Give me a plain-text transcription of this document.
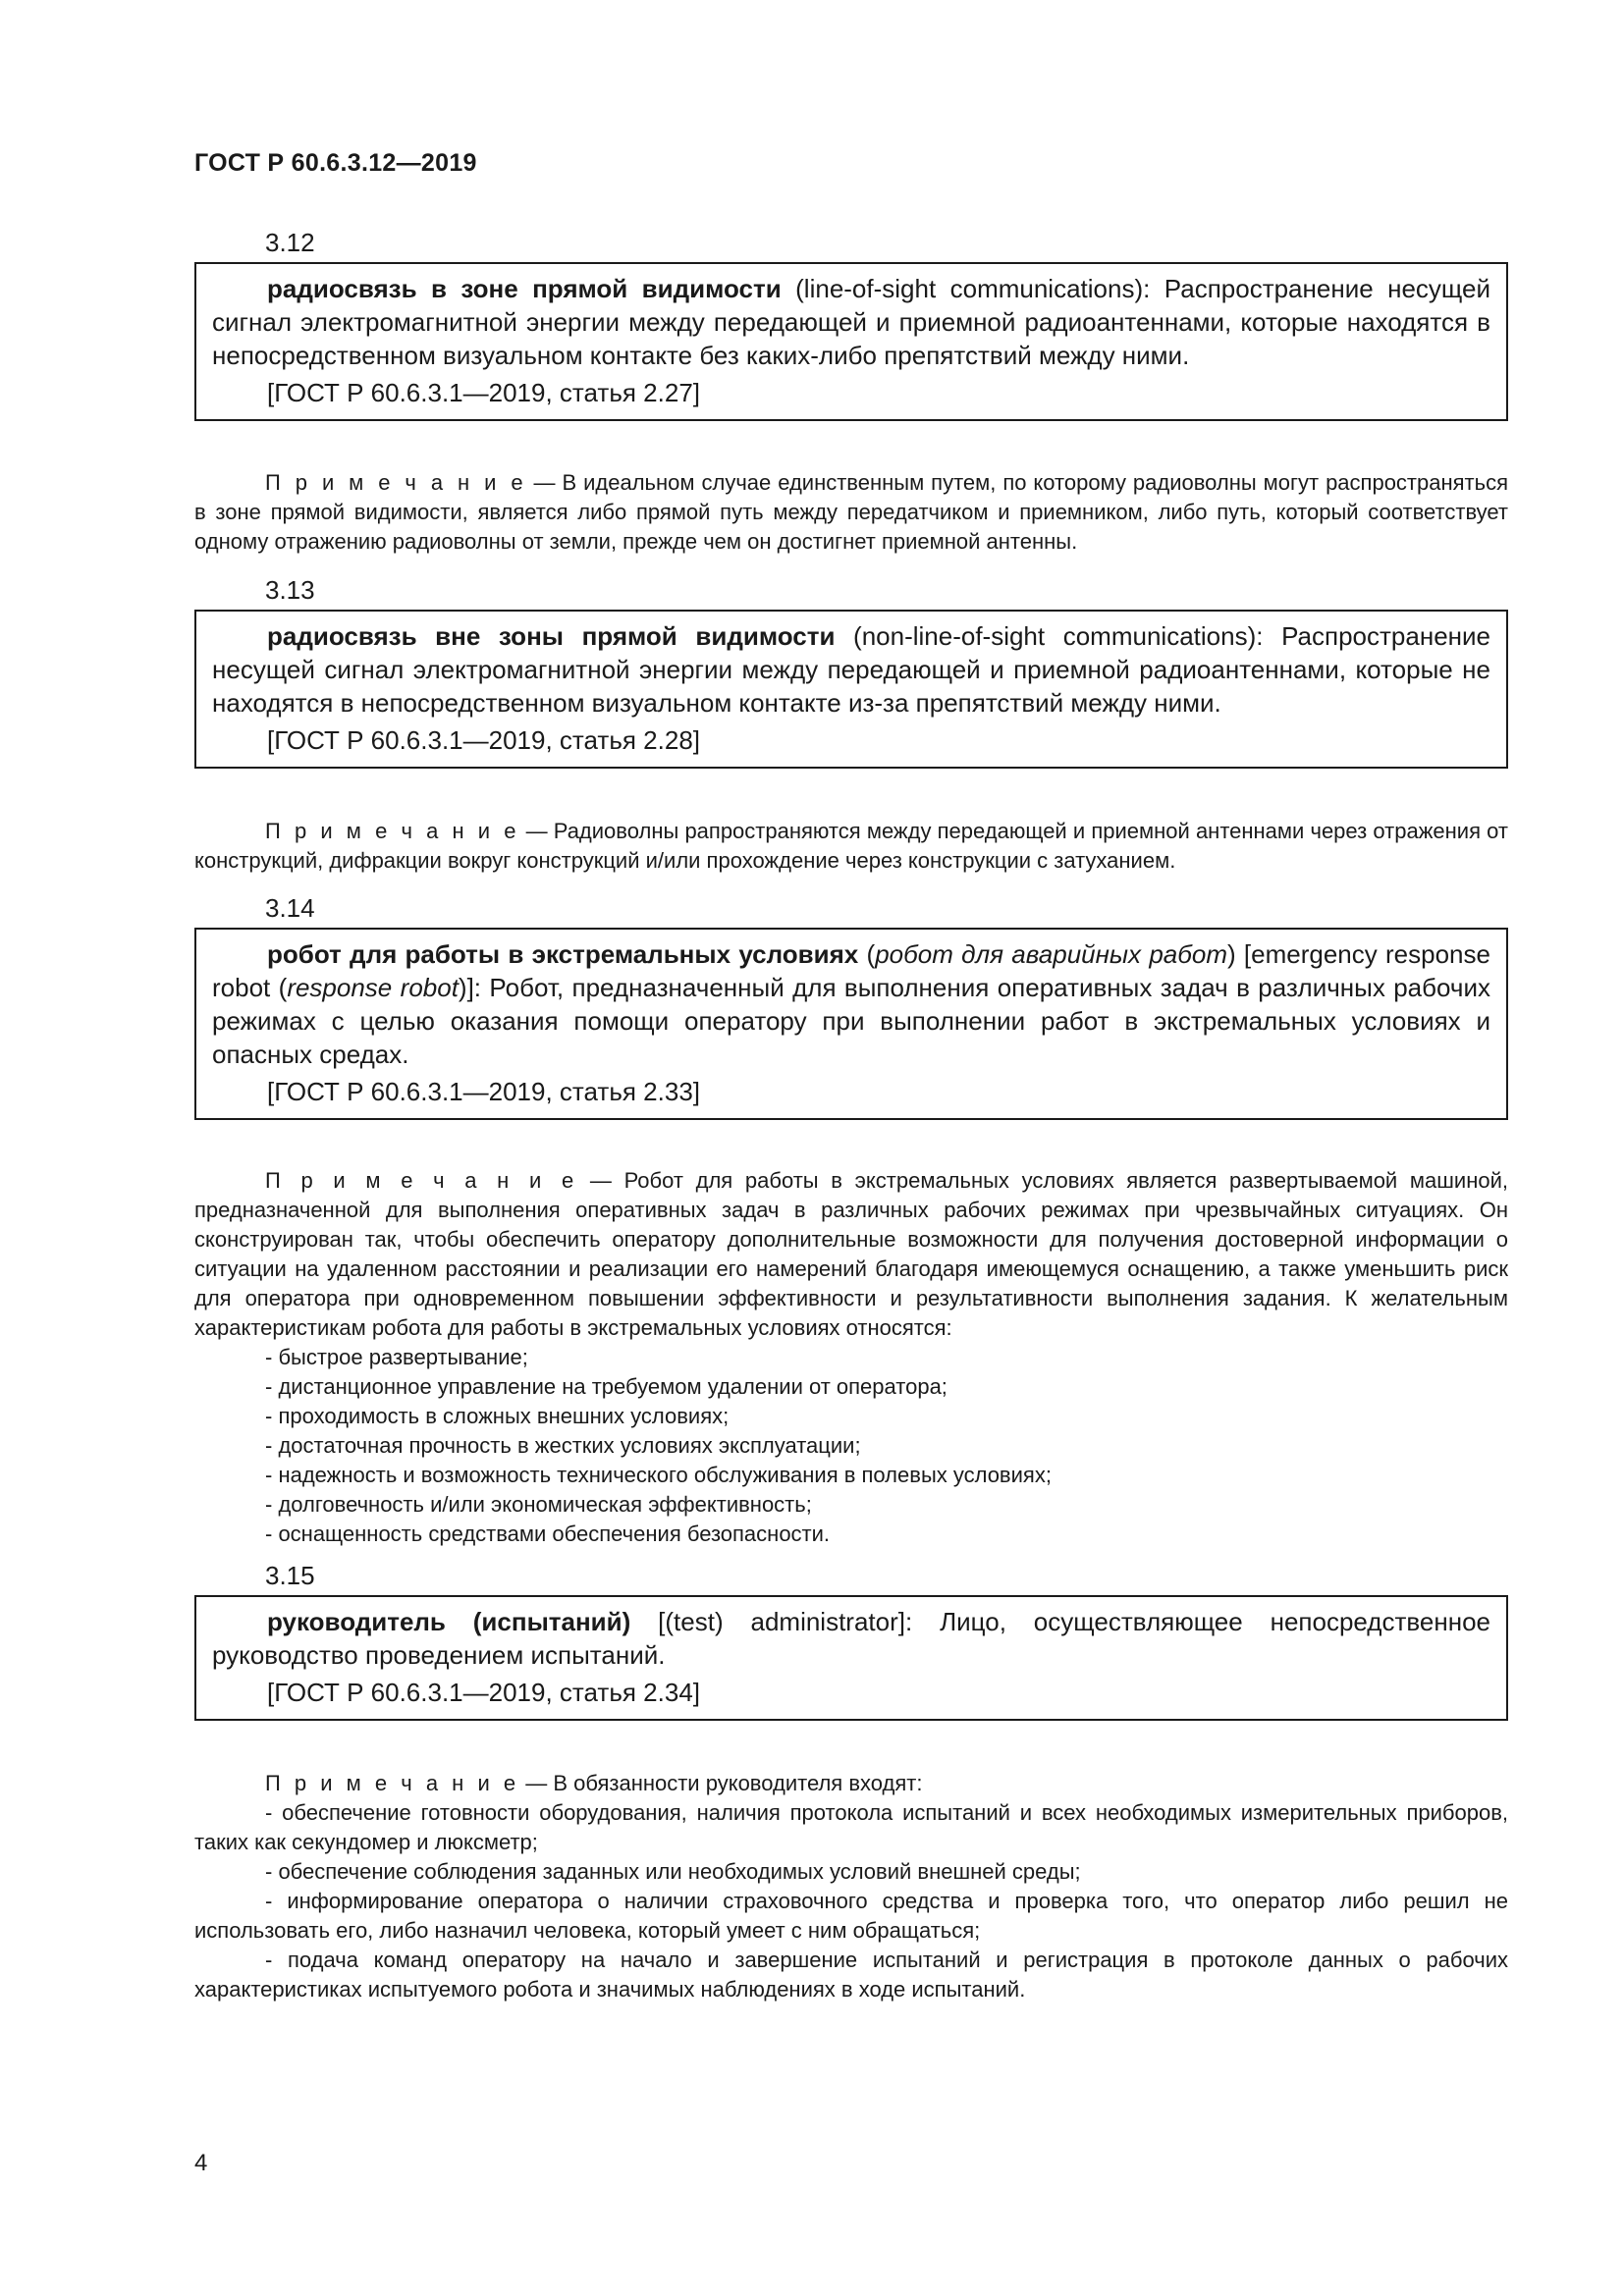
ГОСТ Р 60.6.3.12—2019
3.12

радиосвязь в зоне прямой видимости (line-of-sight communications): Распространение несущей сигнал электромагнитной энергии между передающей и приемной радиоантеннами, которые находятся в непосредственном визуальном контакте без каких-либо препятствий между ними.

[ГОСТ Р 60.6.3.1—2019, статья 2.27]

П р и м е ч а н и е — В идеальном случае единственным путем, по которому радиоволны могут распространяться в зоне прямой видимости, является либо прямой путь между передатчиком и приемником, либо путь, который соответствует одному отражению радиоволны от земли, прежде чем он достигнет приемной антенны.

3.13

радиосвязь вне зоны прямой видимости (non-line-of-sight communications): Распространение несущей сигнал электромагнитной энергии между передающей и приемной радиоантеннами, которые не находятся в непосредственном визуальном контакте из-за препятствий между ними.

[ГОСТ Р 60.6.3.1—2019, статья 2.28]

П р и м е ч а н и е — Радиоволны рапространяются между передающей и приемной антеннами через отражения от конструкций, дифракции вокруг конструкций и/или прохождение через конструкции с затуханием.

3.14

робот для работы в экстремальных условиях (робот для аварийных работ) [emergency response robot (response robot)]: Робот, предназначенный для выполнения оперативных задач в различных рабочих режимах с целью оказания помощи оператору при выполнении работ в экстремальных условиях и опасных средах.

[ГОСТ Р 60.6.3.1—2019, статья 2.33]

П р и м е ч а н и е — Робот для работы в экстремальных условиях является развертываемой машиной, предназначенной для выполнения оперативных задач в различных рабочих режимах при чрезвычайных ситуациях. Он сконструирован так, чтобы обеспечить оператору дополнительные возможности для получения достоверной информации о ситуации на удаленном расстоянии и реализации его намерений благодаря имеющемуся оснащению, а также уменьшить риск для оператора при одновременном повышении эффективности и результативности выполнения задания. К желательным характеристикам робота для работы в экстремальных условиях относятся:

- быстрое развертывание;
- дистанционное управление на требуемом удалении от оператора;
- проходимость в сложных внешних условиях;
- достаточная прочность в жестких условиях эксплуатации;
- надежность и возможность технического обслуживания в полевых условиях;
- долговечность и/или экономическая эффективность;
- оснащенность средствами обеспечения безопасности.
3.15

руководитель (испытаний) [(test) administrator]: Лицо, осуществляющее непосредственное руководство проведением испытаний.

[ГОСТ Р 60.6.3.1—2019, статья 2.34]

П р и м е ч а н и е — В обязанности руководителя входят:

- обеспечение готовности оборудования, наличия протокола испытаний и всех необходимых измерительных приборов, таких как секундомер и люксметр;
- обеспечение соблюдения заданных или необходимых условий внешней среды;
- информирование оператора о наличии страховочного средства и проверка того, что оператор либо решил не использовать его, либо назначил человека, который умеет с ним обращаться;
- подача команд оператору на начало и завершение испытаний и регистрация в протоколе данных о рабочих характеристиках испытуемого робота и значимых наблюдениях в ходе испытаний.
4
